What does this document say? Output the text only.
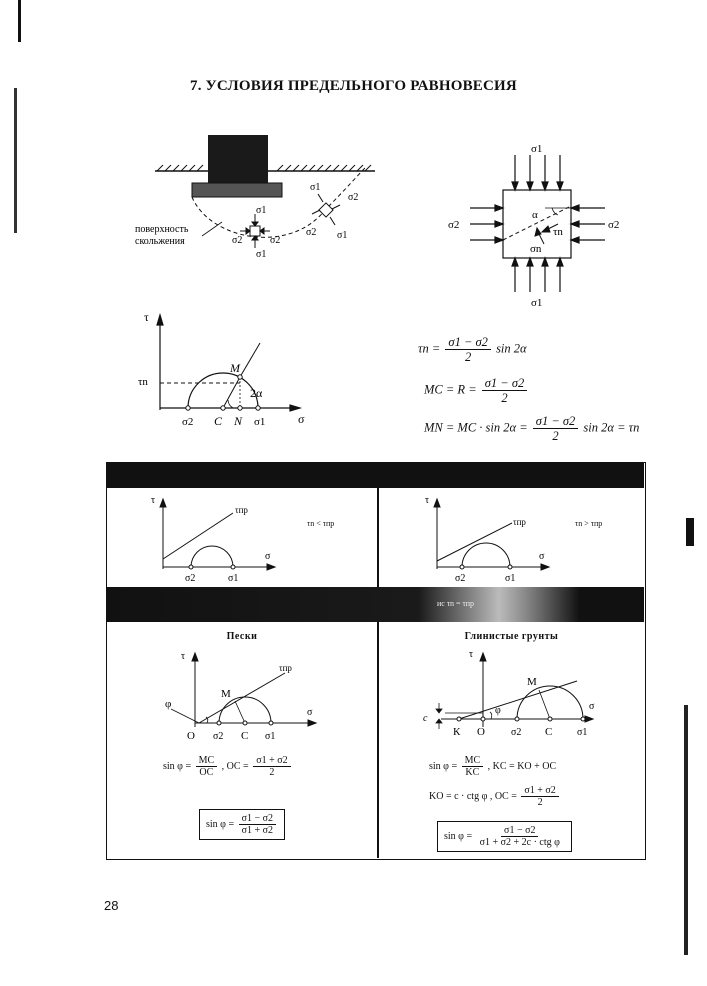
7. УСЛОВИЯ ПРЕДЕЛЬНОГО РАВНОВЕСИЯ
σ1
σ1
σ2	σ2
σ1
σ2
σ2 σ1
поверхность
скольжения
α
τn
σn
σ1
σ1
σ2	σ2
τ
σ
τn
M
2α
σ2 C N σ1
$\tau n = \frac{\sigma 1 - \sigma 2}{2}$ sin 2α
MC = $R = \frac{\sigma 1 - \sigma 2}{2}$
MN = MC · $\sin 2\alpha = \frac{\sigma 1 - \sigma 2}{2}$ sin 2α = τn
ис τn = τпр
τ
τпр
σ
σ2	σ1
τn < τпр
τ
τпр
σ
σ2	σ1
τn > τпр
Пески
τ
τпр
φ
M
σ
O σ2 C σ1
$\sin \varphi = \frac{MC}{OC}$ , OC = $\frac{\sigma 1 + \sigma 2}{2}$
$\sin \varphi = \frac{\sigma 1 - \sigma 2}{\sigma 1 + \sigma 2}$
Глинистые грунты
τ
M
φ	σ
c
К O	σ2 C σ1
$\sin \varphi = \frac{MC}{KC}$ , KC = KO + OC
KO = c · ctg φ , OC = $\frac{\sigma 1 + \sigma 2}{2}$
$\sin \varphi = \frac{\sigma 1 - \sigma 2}{\text{σ1 + σ2 + 2c · ctg φ}}$
28
